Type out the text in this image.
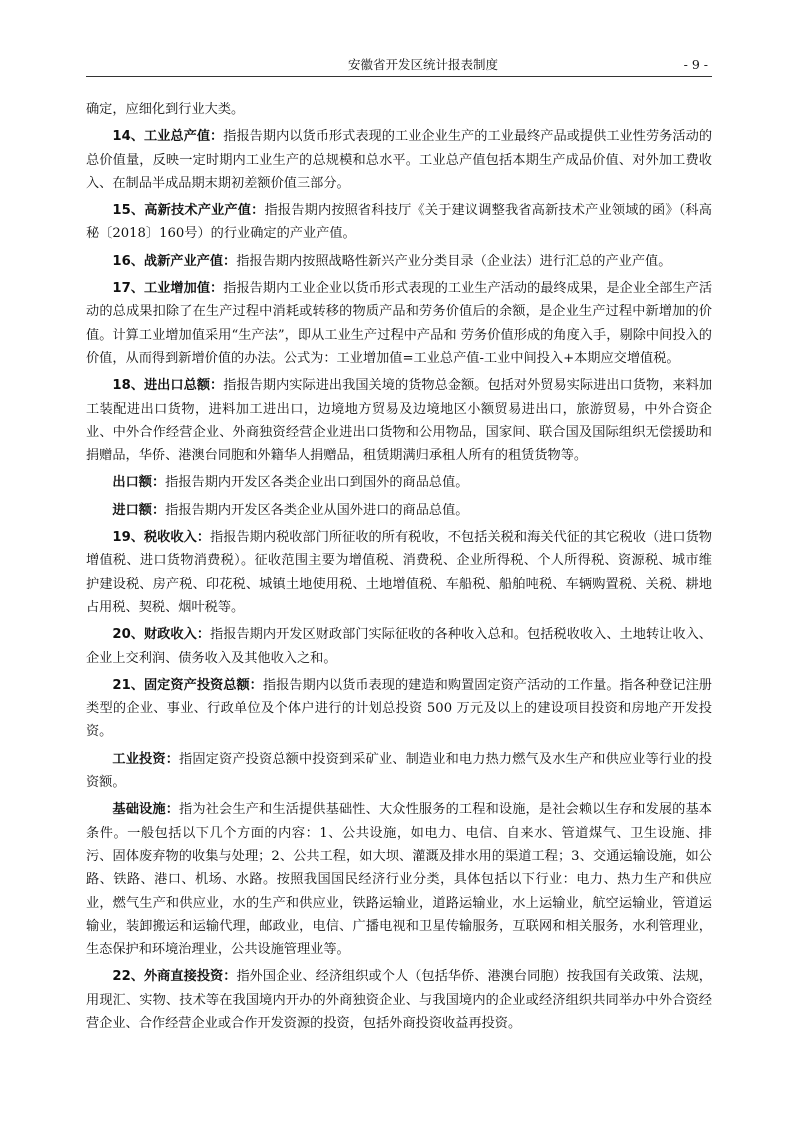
安徽省开发区统计报表制度	- 9 -

确定，应细化到行业大类。

14、工业总产值：指报告期内以货币形式表现的工业企业生产的工业最终产品或提供工业性劳务活动的总价值量，反映一定时期内工业生产的总规模和总水平。工业总产值包括本期生产成品价值、对外加工费收入、在制品半成品期末期初差额价值三部分。

15、高新技术产业产值：指报告期内按照省科技厅《关于建议调整我省高新技术产业领域的函》（科高秘〔2018〕160号）的行业确定的产业产值。

16、战新产业产值：指报告期内按照战略性新兴产业分类目录（企业法）进行汇总的产业产值。

17、工业增加值：指报告期内工业企业以货币形式表现的工业生产活动的最终成果，是企业全部生产活动的总成果扣除了在生产过程中消耗或转移的物质产品和劳务价值后的余额，是企业生产过程中新增加的价值。计算工业增加值采用“生产法”，即从工业生产过程中产品和 劳务价值形成的角度入手，剔除中间投入的价值，从而得到新增价值的办法。公式为：工业增加值=工业总产值-工业中间投入+本期应交增值税。

18、进出口总额：指报告期内实际进出我国关境的货物总金额。包括对外贸易实际进出口货物，来料加工装配进出口货物，进料加工进出口，边境地方贸易及边境地区小额贸易进出口，旅游贸易，中外合资企业、中外合作经营企业、外商独资经营企业进出口货物和公用物品，国家间、联合国及国际组织无偿援助和捐赠品，华侨、港澳台同胞和外籍华人捐赠品，租赁期满归承租人所有的租赁货物等。

出口额：指报告期内开发区各类企业出口到国外的商品总值。

进口额：指报告期内开发区各类企业从国外进口的商品总值。

19、税收收入：指报告期内税收部门所征收的所有税收，不包括关税和海关代征的其它税收（进口货物增值税、进口货物消费税）。征收范围主要为增值税、消费税、企业所得税、个人所得税、资源税、城市维护建设税、房产税、印花税、城镇土地使用税、土地增值税、车船税、船舶吨税、车辆购置税、关税、耕地占用税、契税、烟叶税等。

20、财政收入：指报告期内开发区财政部门实际征收的各种收入总和。包括税收收入、土地转让收入、企业上交利润、债务收入及其他收入之和。

21、固定资产投资总额：指报告期内以货币表现的建造和购置固定资产活动的工作量。指各种登记注册类型的企业、事业、行政单位及个体户进行的计划总投资 500 万元及以上的建设项目投资和房地产开发投资。

工业投资：指固定资产投资总额中投资到采矿业、制造业和电力热力燃气及水生产和供应业等行业的投资额。

基础设施：指为社会生产和生活提供基础性、大众性服务的工程和设施，是社会赖以生存和发展的基本条件。一般包括以下几个方面的内容：1、公共设施，如电力、电信、自来水、管道煤气、卫生设施、排污、固体废弃物的收集与处理；2、公共工程，如大坝、灌溉及排水用的渠道工程；3、交通运输设施，如公路、铁路、港口、机场、水路。按照我国国民经济行业分类，具体包括以下行业：电力、热力生产和供应业，燃气生产和供应业，水的生产和供应业，铁路运输业，道路运输业，水上运输业，航空运输业，管道运输业，装卸搬运和运输代理，邮政业，电信、广播电视和卫星传输服务，互联网和相关服务，水利管理业，生态保护和环境治理业，公共设施管理业等。

22、外商直接投资：指外国企业、经济组织或个人（包括华侨、港澳台同胞）按我国有关政策、法规，用现汇、实物、技术等在我国境内开办的外商独资企业、与我国境内的企业或经济组织共同举办中外合资经营企业、合作经营企业或合作开发资源的投资，包括外商投资收益再投资。
